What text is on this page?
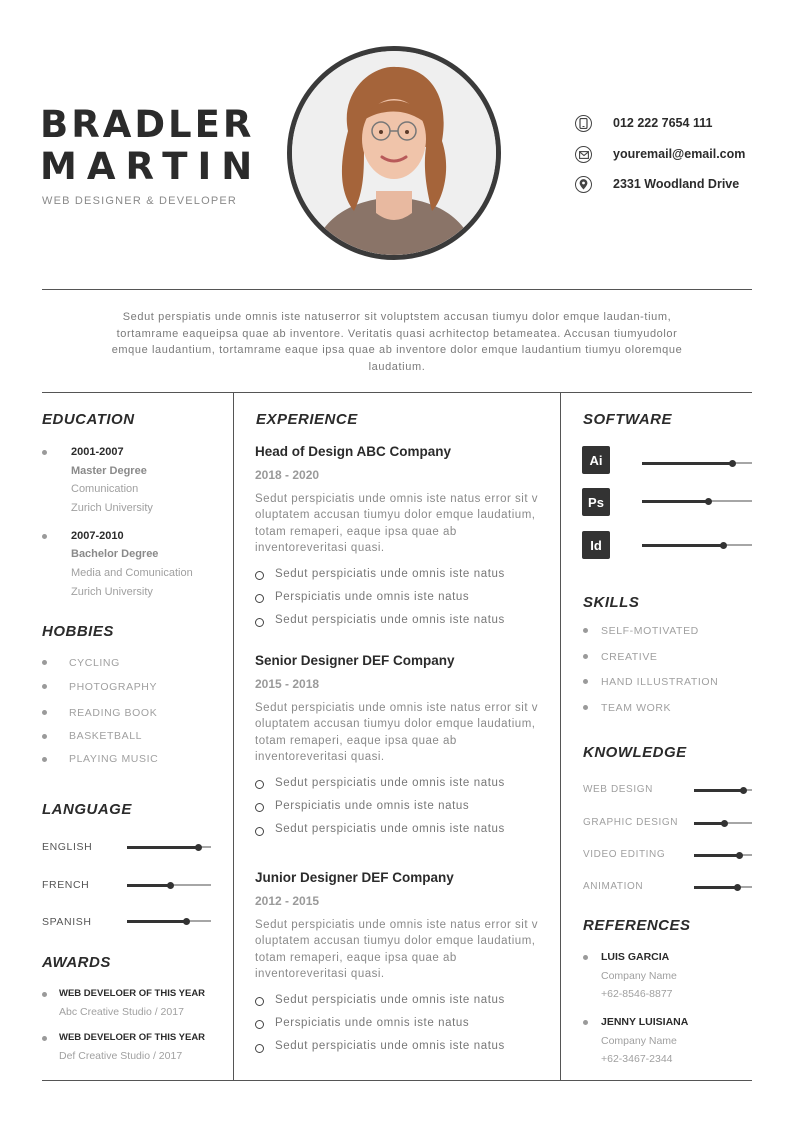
BRADLER
MARTIN
WEB DESIGNER & DEVELOPER
012 222 7654 111
youremail@email.com
2331 Woodland Drive
Sedut perspiatis unde omnis iste natuserror sit voluptstem accusan tiumyu dolor emque laudan-tium, tortamrame eaqueipsa quae ab inventore. Veritatis quasi acrhitectop betameatea. Accusan tiumyudolor emque laudantium, tortamrame eaque ipsa quae ab inventore dolor emque laudantium tiumyu oloremque laudatium.
EDUCATION
2001-2007
Master Degree
Comunication
Zurich University
2007-2010
Bachelor Degree
Media and Comunication
Zurich University
HOBBIES
CYCLING
PHOTOGRAPHY
READING BOOK
BASKETBALL
PLAYING MUSIC
LANGUAGE
ENGLISH
FRENCH
SPANISH
AWARDS
WEB DEVELOER OF THIS YEAR
Abc Creative Studio / 2017
WEB DEVELOER OF THIS YEAR
Def Creative Studio / 2017
EXPERIENCE
Head of Design ABC Company
2018 - 2020
Sedut perspiciatis unde omnis iste natus error sit v oluptatem accusan tiumyu dolor emque laudatium, totam remaperi, eaque ipsa quae ab inventoreveritasi quasi.
Sedut perspiciatis unde omnis iste natus
Perspiciatis unde omnis iste natus
Sedut perspiciatis unde omnis iste natus
Senior Designer DEF Company
2015 - 2018
Sedut perspiciatis unde omnis iste natus error sit v oluptatem accusan tiumyu dolor emque laudatium, totam remaperi, eaque ipsa quae ab inventoreveritasi quasi.
Sedut perspiciatis unde omnis iste natus
Perspiciatis unde omnis iste natus
Sedut perspiciatis unde omnis iste natus
Junior Designer DEF Company
2012 - 2015
Sedut perspiciatis unde omnis iste natus error sit v oluptatem accusan tiumyu dolor emque laudatium, totam remaperi, eaque ipsa quae ab inventoreveritasi quasi.
Sedut perspiciatis unde omnis iste natus
Perspiciatis unde omnis iste natus
Sedut perspiciatis unde omnis iste natus
SOFTWARE
Ai
Ps
Id
SKILLS
SELF-MOTIVATED
CREATIVE
HAND ILLUSTRATION
TEAM WORK
KNOWLEDGE
WEB DESIGN
GRAPHIC DESIGN
VIDEO EDITING
ANIMATION
REFERENCES
LUIS GARCIA
Company Name
+62-8546-8877
JENNY LUISIANA
Company Name
+62-3467-2344
